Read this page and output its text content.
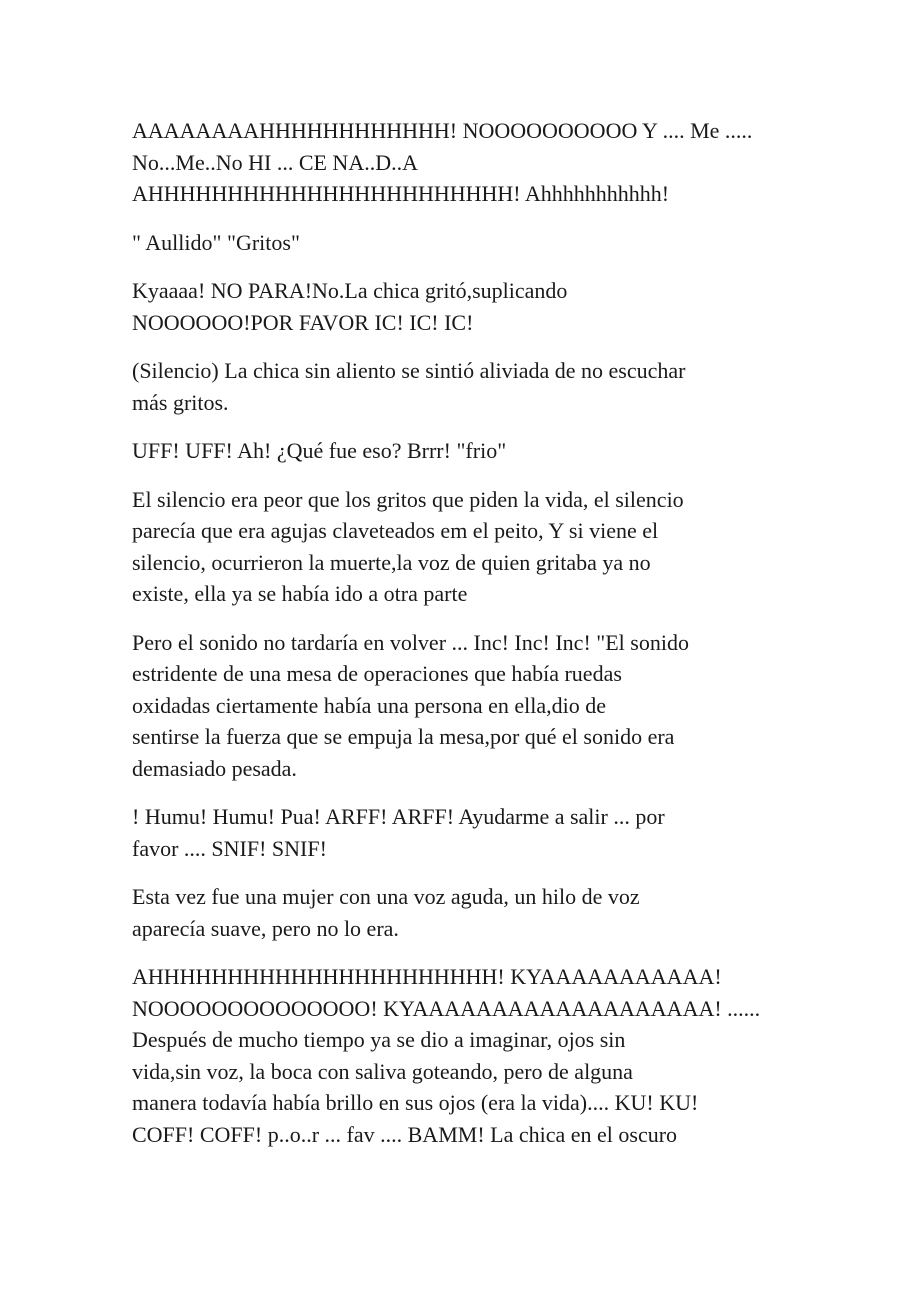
AAAAAAAAHHHHHHHHHHHH! NOOOOOOOOOO Y .... Me .....
No...Me..No HI ... CE NA..D..A
AHHHHHHHHHHHHHHHHHHHHHHH! Ahhhhhhhhhhh!

" Aullido" "Gritos"

Kyaaaa! NO PARA!No.La chica gritó,suplicando
NOOOOOO!POR FAVOR IC! IC! IC!

(Silencio) La chica sin aliento se sintió aliviada de no escuchar
más gritos.

UFF! UFF! Ah! ¿Qué fue eso? Brrr! "frio"

El silencio era peor que los gritos que piden la vida, el silencio
parecía que era agujas claveteados em el peito, Y si viene el
silencio, ocurrieron la muerte,la voz de quien gritaba ya no
existe, ella ya se había ido a otra parte

Pero el sonido no tardaría en volver ... Inc! Inc! Inc! "El sonido
estridente de una mesa de operaciones que había ruedas
oxidadas ciertamente había una persona en ella,dio de
sentirse la fuerza que se empuja la mesa,por qué el sonido era
demasiado pesada.

! Humu! Humu! Pua! ARFF! ARFF! Ayudarme a salir ... por
favor .... SNIF! SNIF!

Esta vez fue una mujer con una voz aguda, un hilo de voz
aparecía suave, pero no lo era.

AHHHHHHHHHHHHHHHHHHHHHH! KYAAAAAAAAAAA!
NOOOOOOOOOOOOOO! KYAAAAAAAAAAAAAAAAAAA! ......
Después de mucho tiempo ya se dio a imaginar, ojos sin
vida,sin voz, la boca con saliva goteando, pero de alguna
manera todavía había brillo en sus ojos (era la vida).... KU! KU!
COFF! COFF! p..o..r ... fav .... BAMM! La chica en el oscuro
